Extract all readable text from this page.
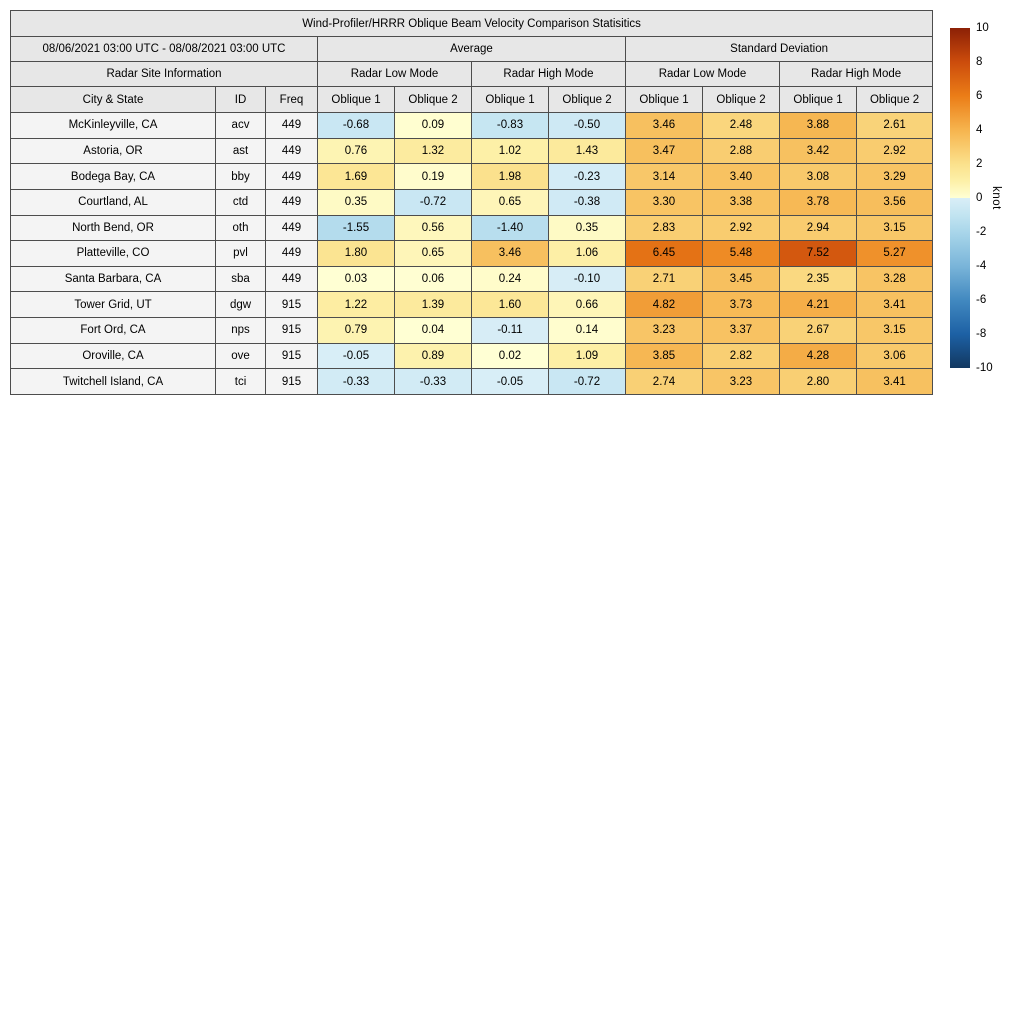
Wind-Profiler/HRRR Oblique Beam Velocity Comparison Statisitics										
08/06/2021 03:00 UTC - 08/08/2021 03:00 UTC			Average				Standard Deviation			
Radar Site Information			Radar Low Mode		Radar High Mode		Radar Low Mode		Radar High Mode	
City & State	ID	Freq	Oblique 1	Oblique 2	Oblique 1	Oblique 2	Oblique 1	Oblique 2	Oblique 1	Oblique 2
McKinleyville, CA	acv	449	-0.68	0.09	-0.83	-0.50	3.46	2.48	3.88	2.61
Astoria, OR	ast	449	0.76	1.32	1.02	1.43	3.47	2.88	3.42	2.92
Bodega Bay, CA	bby	449	1.69	0.19	1.98	-0.23	3.14	3.40	3.08	3.29
Courtland, AL	ctd	449	0.35	-0.72	0.65	-0.38	3.30	3.38	3.78	3.56
North Bend, OR	oth	449	-1.55	0.56	-1.40	0.35	2.83	2.92	2.94	3.15
Platteville, CO	pvl	449	1.80	0.65	3.46	1.06	6.45	5.48	7.52	5.27
Santa Barbara, CA	sba	449	0.03	0.06	0.24	-0.10	2.71	3.45	2.35	3.28
Tower Grid, UT	dgw	915	1.22	1.39	1.60	0.66	4.82	3.73	4.21	3.41
Fort Ord, CA	nps	915	0.79	0.04	-0.11	0.14	3.23	3.37	2.67	3.15
Oroville, CA	ove	915	-0.05	0.89	0.02	1.09	3.85	2.82	4.28	3.06
Twitchell Island, CA	tci	915	-0.33	-0.33	-0.05	-0.72	2.74	3.23	2.80	3.41
10
8
6
4
2
0
-2
-4
-6
-8
-10
knot
